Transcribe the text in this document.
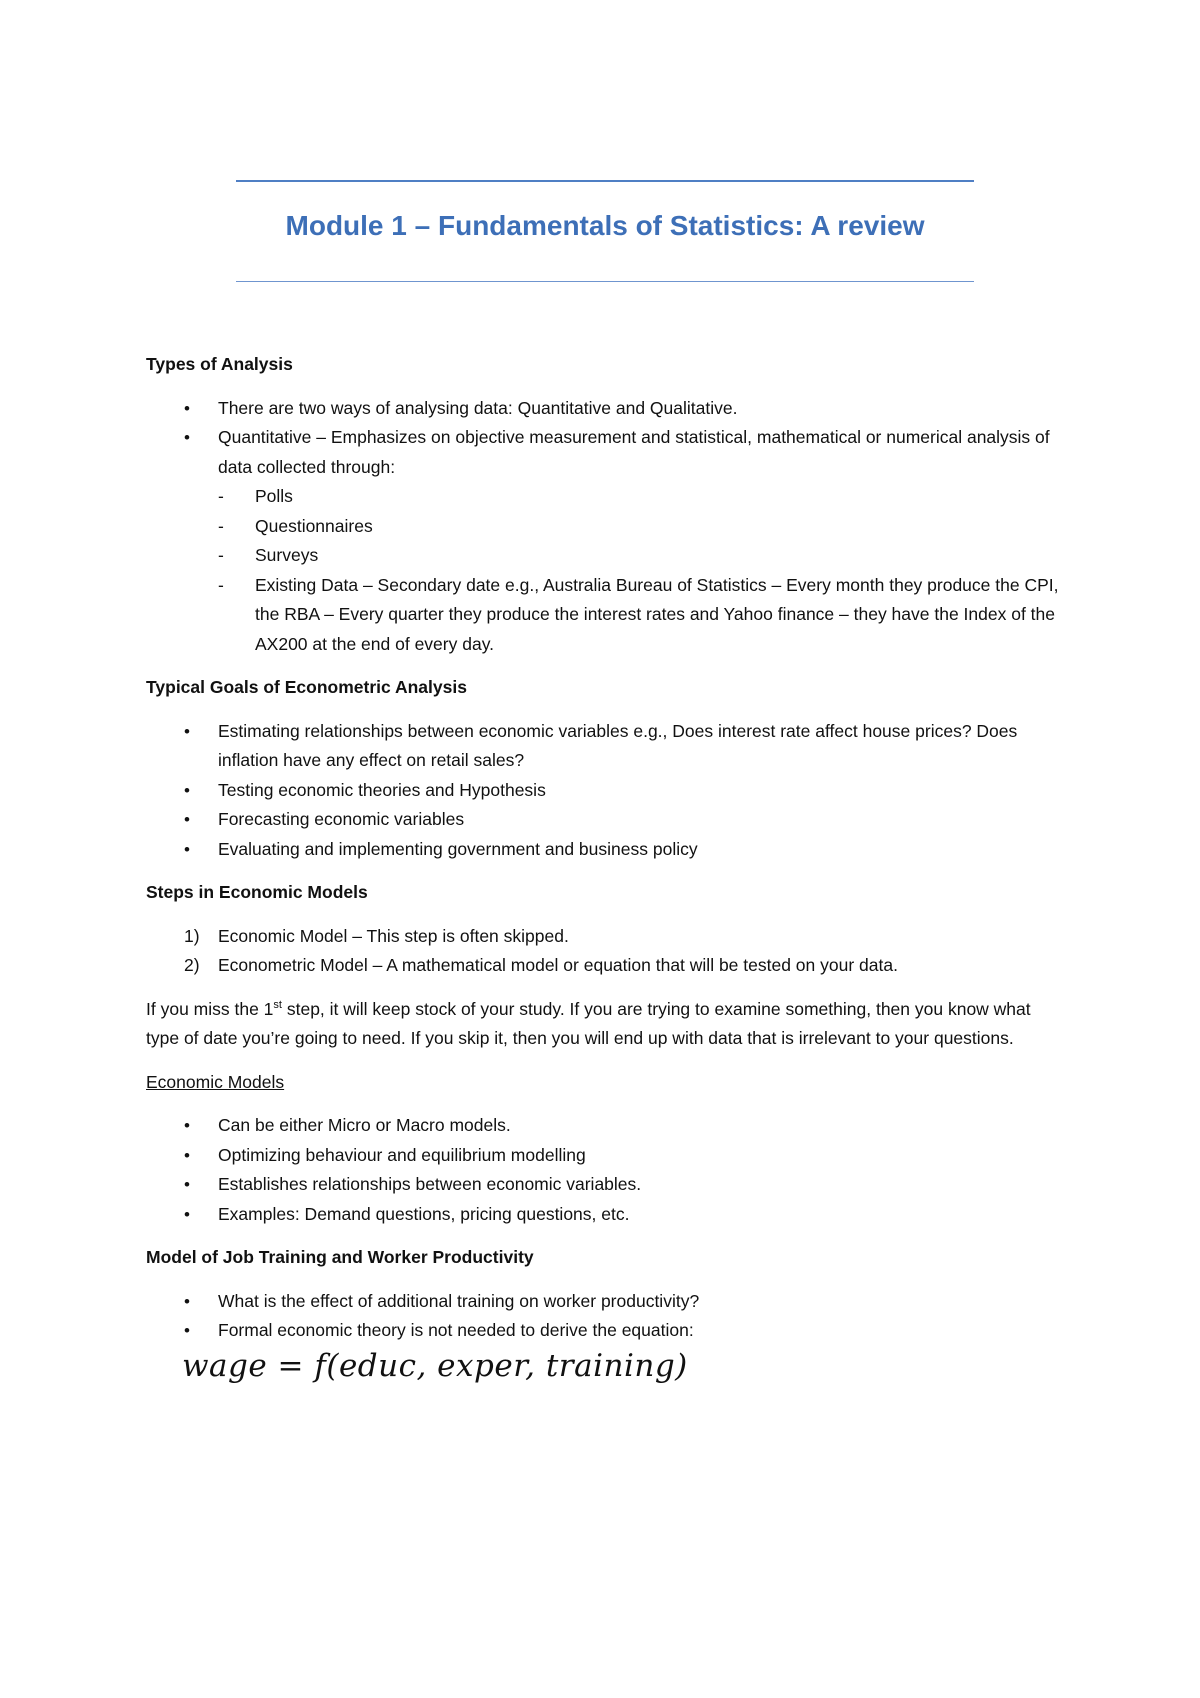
Module 1 – Fundamentals of Statistics: A review
Types of Analysis
• There are two ways of analysing data: Quantitative and Qualitative.
• Quantitative – Emphasizes on objective measurement and statistical, mathematical or numerical analysis of data collected through:
- Polls
- Questionnaires
- Surveys
- Existing Data – Secondary date e.g., Australia Bureau of Statistics – Every month they produce the CPI, the RBA – Every quarter they produce the interest rates and Yahoo finance – they have the Index of the AX200 at the end of every day.
Typical Goals of Econometric Analysis
• Estimating relationships between economic variables e.g., Does interest rate affect house prices? Does inflation have any effect on retail sales?
• Testing economic theories and Hypothesis
• Forecasting economic variables
• Evaluating and implementing government and business policy
Steps in Economic Models
1) Economic Model – This step is often skipped.
2) Econometric Model – A mathematical model or equation that will be tested on your data.
If you miss the 1st step, it will keep stock of your study. If you are trying to examine something, then you know what type of date you’re going to need. If you skip it, then you will end up with data that is irrelevant to your questions.
Economic Models
• Can be either Micro or Macro models.
• Optimizing behaviour and equilibrium modelling
• Establishes relationships between economic variables.
• Examples: Demand questions, pricing questions, etc.
Model of Job Training and Worker Productivity
• What is the effect of additional training on worker productivity?
• Formal economic theory is not needed to derive the equation:
wage = f(educ, exper, training)
